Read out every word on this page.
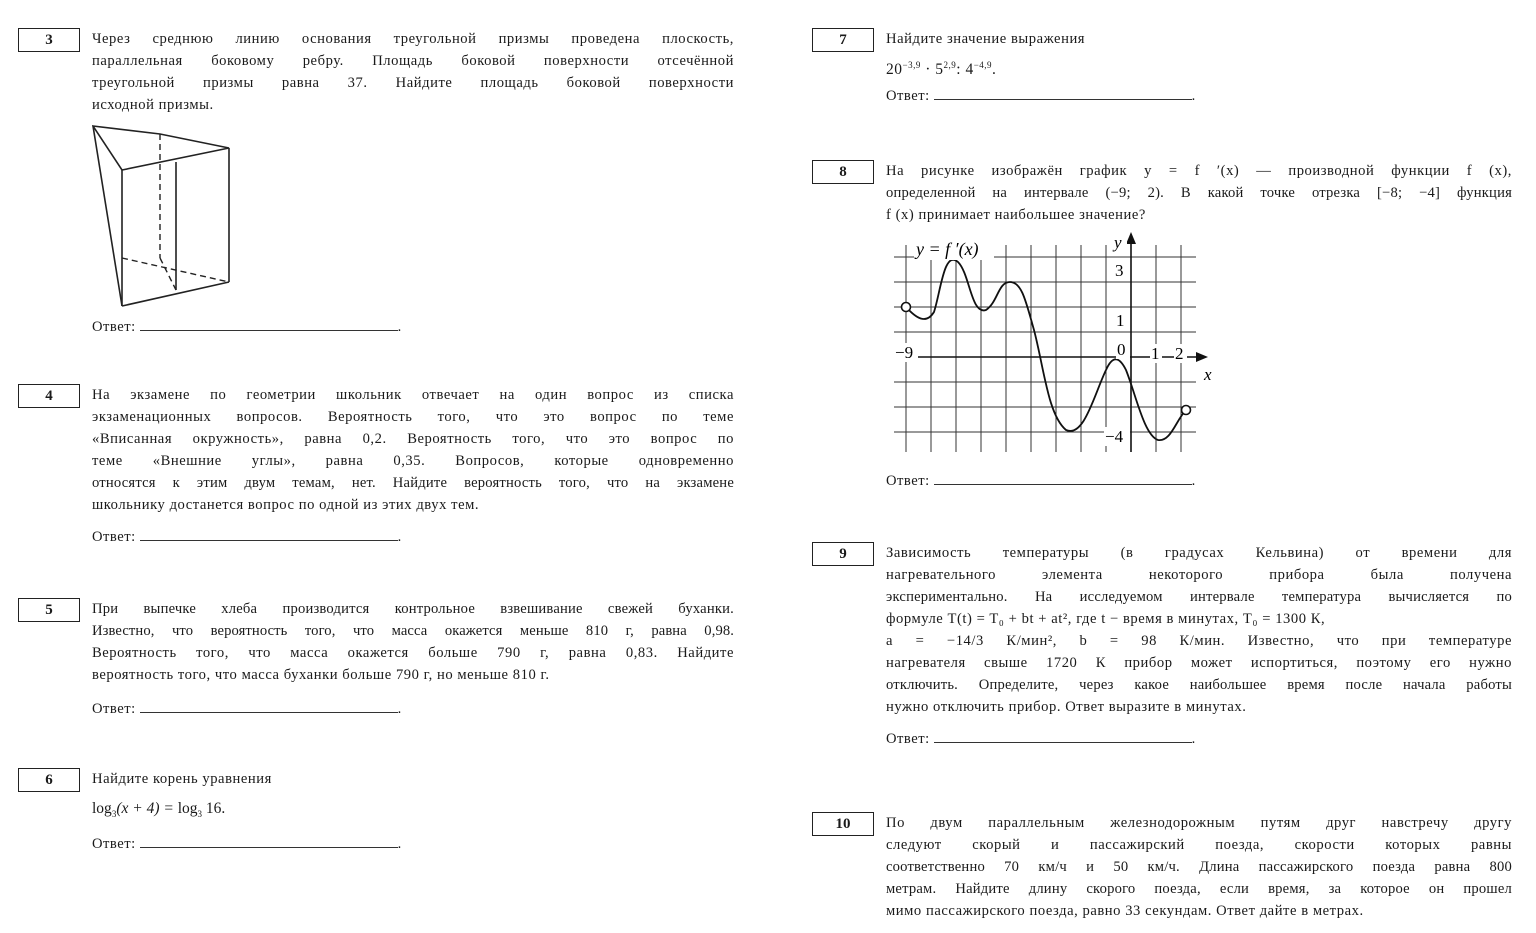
3	Через среднюю линию основания треугольной призмы проведена плоскость,

параллельная боковому ребру. Площадь боковой поверхности отсечённой

треугольной призмы равна 37. Найдите площадь боковой поверхности

исходной призмы.

Ответ:	.

4	На экзамене по геометрии школьник отвечает на один вопрос из списка

экзаменационных вопросов. Вероятность того, что это вопрос по теме

«Вписанная окружность», равна 0,2. Вероятность того, что это вопрос по

теме «Внешние углы», равна 0,35. Вопросов, которые одновременно

относятся к этим двум темам, нет. Найдите вероятность того, что на экзамене

школьнику достанется вопрос по одной из этих двух тем.

Ответ:	.

5	При выпечке хлеба производится контрольное взвешивание свежей буханки.

Известно, что вероятность того, что масса окажется меньше 810 г, равна 0,98.

Вероятность того, что масса окажется больше 790 г, равна 0,83. Найдите

вероятность того, что масса буханки больше 790 г, но меньше 810 г.

Ответ:	.

6	Найдите корень уравнения

$\log_3(x + 4) = \log_3 16$.

Ответ:	.

7	Найдите значение выражения

$20^{-3,9} \cdot 5^{2,9}$: $4^{-4,9}$.

Ответ:	.

8	На рисунке изображён график y = f ′(x) — производной функции f (x),

определенной на интервале (−9; 2). В какой точке отрезка [−8; −4] функция

f (x) принимает наибольшее значение?

y = f ′(x)	y
x
3
1
−9	0 1 2
−4

Ответ:	.

9	Зависимость температуры (в градусах Кельвина) от времени для

нагревательного элемента некоторого прибора была получена

экспериментально. На исследуемом интервале температура вычисляется по

формуле T(t) = T₀ + bt + at², где t − время в минутах, T₀ = 1300 К,

a = −14/3 К/мин², b = 98 К/мин. Известно, что при температуре

нагревателя свыше 1720 К прибор может испортиться, поэтому его нужно

отключить. Определите, через какое наибольшее время после начала работы

нужно отключить прибор. Ответ выразите в минутах.

Ответ:	.

10	По двум параллельным железнодорожным путям друг навстречу другу

следуют скорый и пассажирский поезда, скорости которых равны

соответственно 70 км/ч и 50 км/ч. Длина пассажирского поезда равна 800

метрам. Найдите длину скорого поезда, если время, за которое он прошел

мимо пассажирского поезда, равно 33 секундам. Ответ дайте в метрах.
